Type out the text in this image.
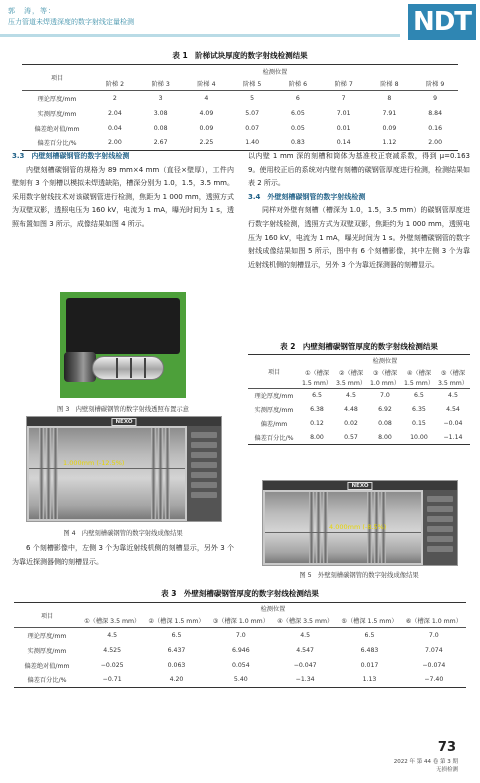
郭　涛，等：
压力管道未焊透深度的数字射线定量检测	NDT
表 1　阶梯试块厚度的数字射线检测结果
项目	检测位置							
	阶梯 2	阶梯 3	阶梯 4	阶梯 5	阶梯 6	阶梯 7	阶梯 8	阶梯 9
理论厚度/mm	2	3	4	5	6	7	8	9
实测厚度/mm	2.04	3.08	4.09	5.07	6.05	7.01	7.91	8.84
偏差绝对值/mm	0.04	0.08	0.09	0.07	0.05	0.01	0.09	0.16
偏差百分比/%	2.00	2.67	2.25	1.40	0.83	0.14	1.12	2.00
3.3　内壁刻槽碳钢管的数字射线检测
内壁刻槽碳钢管的规格为 89 mm×4 mm（直径×壁厚），工件内壁刻有 3 个刻槽以模拟未焊透缺陷，槽深分别为 1.0，1.5，3.5 mm。采用数字射线技术对该碳钢管进行检测，焦距为 1 000 mm，透照方式为双壁双影，透照电压为 160 kV，电流为 1 mA，曝光时间为 1 s，透照布置如图 3 所示，成像结果如图 4 所示。
图 3　内壁刻槽碳钢管的数字射线透照布置示意
NEXO
1.000mm (-12.5%)
图 4　内壁刻槽碳钢管的数字射线成像结果
6 个刻槽影像中，左侧 3 个为靠近射线机侧的刻槽显示，另外 3 个为靠近探测器侧的刻槽显示。
以内壁 1 mm 深的刻槽和筒体为基准校正衰减系数，得到 μ=0.163 9。使用校正后的系统对内壁有刻槽的碳钢管厚度进行检测，检测结果如表 2 所示。
3.4　外壁刻槽碳钢管的数字射线检测
同样对外壁有刻槽（槽深为 1.0，1.5，3.5 mm）的碳钢管厚度进行数字射线检测，透照方式为双壁双影，焦距约为 1 000 mm，透照电压为 160 kV，电流为 1 mA，曝光时间为 1 s。外壁刻槽碳钢管的数字射线成像结果如图 5 所示，图中有 6 个刻槽影像，其中左侧 3 个为靠近射线机侧的刻槽显示，另外 3 个为靠近探测器的刻槽显示。
表 2　内壁刻槽碳钢管厚度的数字射线检测结果
项目	检测位置				
	①（槽深	②（槽深	③（槽深	④（槽深	⑤（槽深
	1.5 mm）	3.5 mm）	1.0 mm）	1.5 mm）	3.5 mm）
理论厚度/mm	6.5	4.5	7.0	6.5	4.5
实测厚度/mm	6.38	4.48	6.92	6.35	4.54
偏差/mm	0.12	0.02	0.08	0.15	−0.04
偏差百分比/%	8.00	0.57	8.00	10.00	−1.14
NEXO
4.000mm (-8.5%)
图 5　外壁刻槽碳钢管的数字射线成像结果
表 3　外壁刻槽碳钢管厚度的数字射线检测结果
项目	检测位置					
	①（槽深 3.5 mm）	②（槽深 1.5 mm）	③（槽深 1.0 mm）	④（槽深 3.5 mm）	⑤（槽深 1.5 mm）	⑥（槽深 1.0 mm）
理论厚度/mm	4.5	6.5	7.0	4.5	6.5	7.0
实测厚度/mm	4.525	6.437	6.946	4.547	6.483	7.074
偏差绝对值/mm	−0.025	0.063	0.054	−0.047	0.017	−0.074
偏差百分比/%	−0.71	4.20	5.40	−1.34	1.13	−7.40
73
2022 年 第 44 卷 第 3 期
无损检测
